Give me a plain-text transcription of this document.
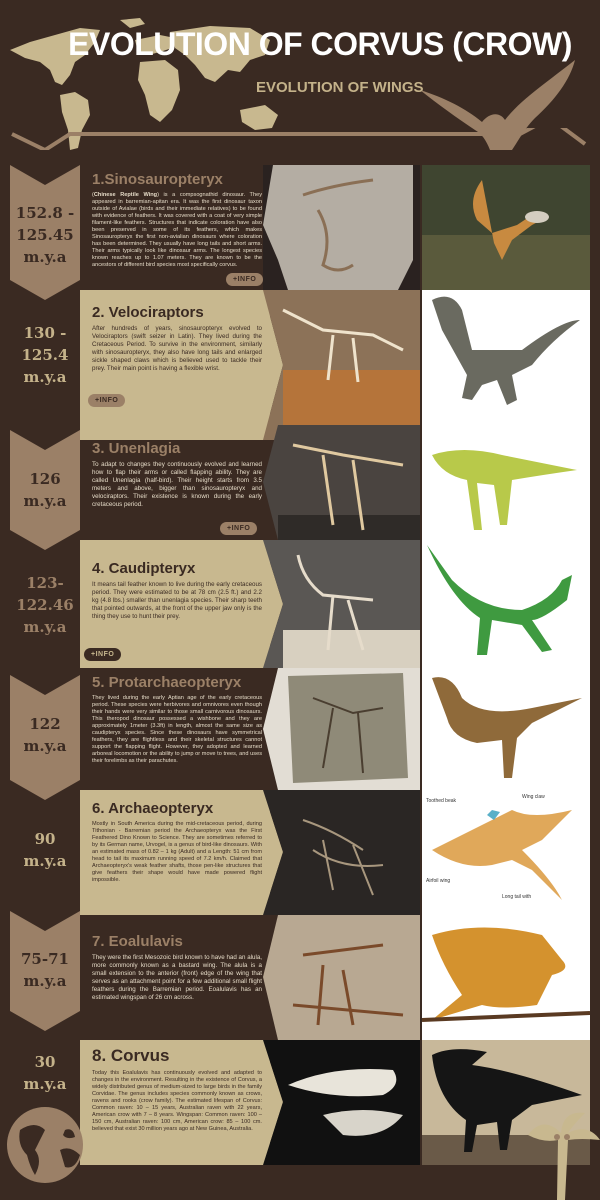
EVOLUTION OF CORVUS (CROW)
EVOLUTION OF WINGS
152.8 -
125.45
m.y.a
130 -
125.4
m.y.a
126
m.y.a
123-
122.46
m.y.a
122
m.y.a
90
m.y.a
75-71
m.y.a
30
m.y.a
1.Sinosauropteryx
(Chinese Reptile Wing) is a compsognathid dinosaur. They appeared in barremian-apitan era. It was the first dinosaur taxon outside of Avialae (birds and their immediate relatives) to be found with evidence of feathers. It was covered with a coat of very simple filament-like feathers. Structures that indicate coloration have also been preserved in some of its feathers, which makes Sinosauropteryx the first non-avialian dinosaurs where coloration has been determined. They usually have long tails and short arms. Their arms typically look like dinosaur arms. The longest species known reaches up to 1.07 meters. They are known to be the ancestors of different bird species most specifically corvus.
+INFO
2. Velociraptors
After hundreds of years, sinosauropteryx evolved to Velociraptors (swift seizer in Latin). They lived during the Cretaceous Period. To survive in the environment, similarly with sinosauropteryx, they also have long tails and enlarged sickle shaped claws which is believed used to tackle their prey. Their main point is having a flexible wrist.
+INFO
3. Unenlagia
To adapt to changes they continuously evolved and learned how to flap their arms or called flapping ability. They are called Unenlagia (half-bird). Their height starts from 3.5 meters and above, bigger than sinosauropteryx and velociraptors. Their existence is known during the early cretaceous period.
+INFO
4. Caudipteryx
It means tail feather known to live during the early cretaceous period. They were estimated to be at 78 cm (2.5 ft.) and 2.2 kg (4.8 lbs.) smaller than unenlagia species. Their sharp teeth that pointed outwards, at the front of the upper jaw only is the thing they use to hunt their prey.
+INFO
5. Protarchaeopteryx
They lived during the early Aptian age of the early cretaceous period. These species were herbivores and omnivores even though their hands were very similar to those small carnivorous dinosaurs. This theropod dinosaur possessed a wishbone and they are approximately 1meter (3.3ft) in length, almost the same size as caudipteryx species. Since these dinosaurs have symmetrical feathers, they are flightless and their skeletal structures cannot support the flapping flight. However, they adopted and learned arboreal locomotion or the ability to jump or move to trees, and uses their forelimbs as their parachutes.
6. Archaeopteryx
Mostly in South America during the mid-cretaceous period, during Tithonian - Barremian period the Archaeopteryx was the First Feathered Dino Known to Science. They are sometimes referred to by its German name, Urvogel, is a genus of bird-like dinosaurs. With an estimated mass of 0.82 – 1 kg (Adult) and a Length: 51 cm from head to tail its maximum running speed of 7.2 km/h. Claimed that Archaeopteryx's weak feather shafts, those pen-like structures that give feathers their shape would have made powered flight impossible.
Toothed beak
Wing claw
Airfoil wing
Long tail with
7. Eoalulavis
They were the first Mesozoic bird known to have had an alula, more commonly known as a bastard wing. The alula is a small extension to the anterior (front) edge of the wing that serves as an attachment point for a few additional small flight feathers during the Barremian period. Eoalulavis has an estimated wingspan of 26 cm across.
8. Corvus
Today this Eoalulavis has continuously evolved and adapted to changes in the environment. Resulting in the existence of Corvus, a widely distributed genus of medium-sized to large birds in the family Corvidae. The genus includes species commonly known as crows, ravens and rooks (crow family). The estimated lifespan of Corvus: Common raven: 10 – 15 years, Australian raven with 22 years, American crow with 7 – 8 years. Wingspan: Common raven: 100 – 150 cm, Australian raven: 100 cm, American crow: 85 – 100 cm. believed that exist 30 million years ago at New Guinea, Australia.
